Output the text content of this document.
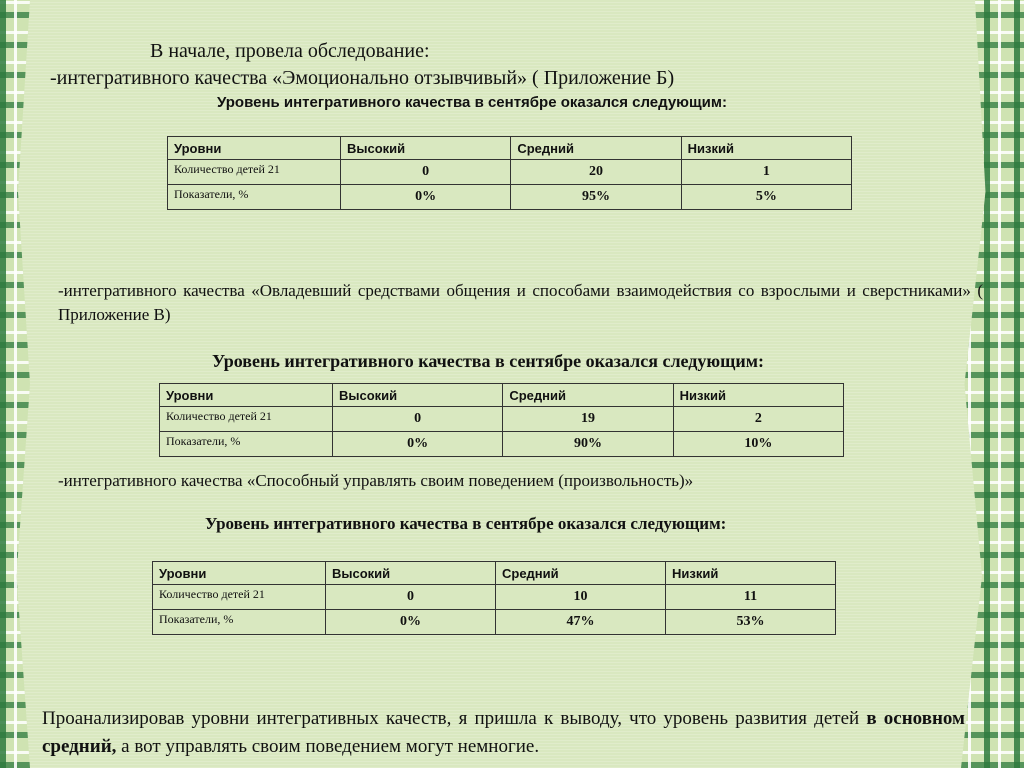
В начале, провела обследование:
-интегративного качества «Эмоционально отзывчивый» ( Приложение Б)
Уровень интегративного качества в сентябре оказался следующим:
Уровни	Высокий	Средний	Низкий
Количество детей 21	0	20	1
Показатели, %	0%	95%	5%
-интегративного качества «Овладевший средствами общения и способами взаимодействия со взрослыми и сверстниками» ( Приложение В)
Уровень интегративного качества в сентябре оказался следующим:
Уровни	Высокий	Средний	Низкий
Количество детей 21	0	19	2
Показатели, %	0%	90%	10%
-интегративного качества «Способный управлять своим поведением (произвольность)»
Уровень интегративного качества в сентябре оказался следующим:
Уровни	Высокий	Средний	Низкий
Количество детей 21	0	10	11
Показатели, %	0%	47%	53%
Проанализировав уровни интегративных качеств, я пришла к выводу, что уровень развития детей в основном средний, а вот управлять своим поведением могут немногие.
